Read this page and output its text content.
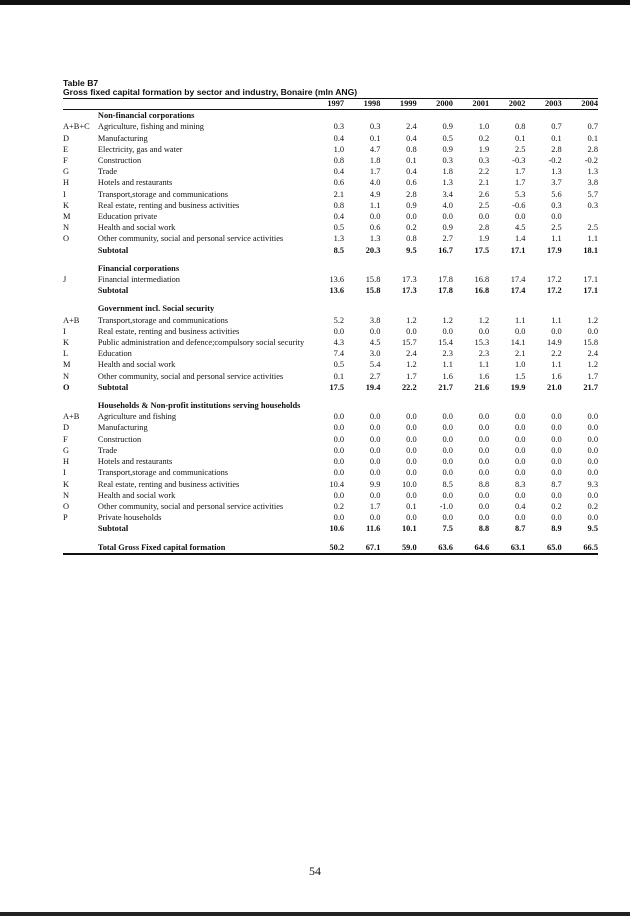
Table B7
Gross fixed capital formation by sector and industry, Bonaire (mln ANG)
		1997	1998	1999	2000	2001	2002	2003	2004
	Non-financial corporations								
A+B+C	Agriculture, fishing and mining	0.3	0.3	2.4	0.9	1.0	0.8	0.7	0.7
D	Manufacturing	0.4	0.1	0.4	0.5	0.2	0.1	0.1	0.1
E	Electricity, gas and water	1.0	4.7	0.8	0.9	1.9	2.5	2.8	2.8
F	Construction	0.8	1.8	0.1	0.3	0.3	-0.3	-0.2	-0.2
G	Trade	0.4	1.7	0.4	1.8	2.2	1.7	1.3	1.3
H	Hotels and restaurants	0.6	4.0	0.6	1.3	2.1	1.7	3.7	3.8
I	Transport,storage and communications	2.1	4.9	2.8	3.4	2.6	5.3	5.6	5.7
K	Real estate, renting and business activities	0.8	1.1	0.9	4.0	2.5	-0.6	0.3	0.3
M	Education private	0.4	0.0	0.0	0.0	0.0	0.0	0.0	
N	Health and social work	0.5	0.6	0.2	0.9	2.8	4.5	2.5	2.5
O	Other community, social and personal service activities	1.3	1.3	0.8	2.7	1.9	1.4	1.1	1.1
	Subtotal	8.5	20.3	9.5	16.7	17.5	17.1	17.9	18.1

	Financial corporations								
J	Financial intermediation	13.6	15.8	17.3	17.8	16.8	17.4	17.2	17.1
	Subtotal	13.6	15.8	17.3	17.8	16.8	17.4	17.2	17.1

	Government incl. Social security								
A+B	Transport,storage and communications	5.2	3.8	1.2	1.2	1.2	1.1	1.1	1.2
I	Real estate, renting and business activities	0.0	0.0	0.0	0.0	0.0	0.0	0.0	0.0
K	Public administration and defence;compulsory social security	4.3	4.5	15.7	15.4	15.3	14.1	14.9	15.8
L	Education	7.4	3.0	2.4	2.3	2.3	2.1	2.2	2.4
M	Health and social work	0.5	5.4	1.2	1.1	1.1	1.0	1.1	1.2
N	Other community, social and personal service activities	0.1	2.7	1.7	1.6	1.6	1.5	1.6	1.7
O	Subtotal	17.5	19.4	22.2	21.7	21.6	19.9	21.0	21.7

	Households & Non-profit institutions serving households								
A+B	Agriculture and fishing	0.0	0.0	0.0	0.0	0.0	0.0	0.0	0.0
D	Manufacturing	0.0	0.0	0.0	0.0	0.0	0.0	0.0	0.0
F	Construction	0.0	0.0	0.0	0.0	0.0	0.0	0.0	0.0
G	Trade	0.0	0.0	0.0	0.0	0.0	0.0	0.0	0.0
H	Hotels and restaurants	0.0	0.0	0.0	0.0	0.0	0.0	0.0	0.0
I	Transport,storage and communications	0.0	0.0	0.0	0.0	0.0	0.0	0.0	0.0
K	Real estate, renting and business activities	10.4	9.9	10.0	8.5	8.8	8.3	8.7	9.3
N	Health and social work	0.0	0.0	0.0	0.0	0.0	0.0	0.0	0.0
O	Other community, social and personal service activities	0.2	1.7	0.1	-1.0	0.0	0.4	0.2	0.2
P	Private households	0.0	0.0	0.0	0.0	0.0	0.0	0.0	0.0
	Subtotal	10.6	11.6	10.1	7.5	8.8	8.7	8.9	9.5

	Total Gross Fixed capital formation	50.2	67.1	59.0	63.6	64.6	63.1	65.0	66.5
54
